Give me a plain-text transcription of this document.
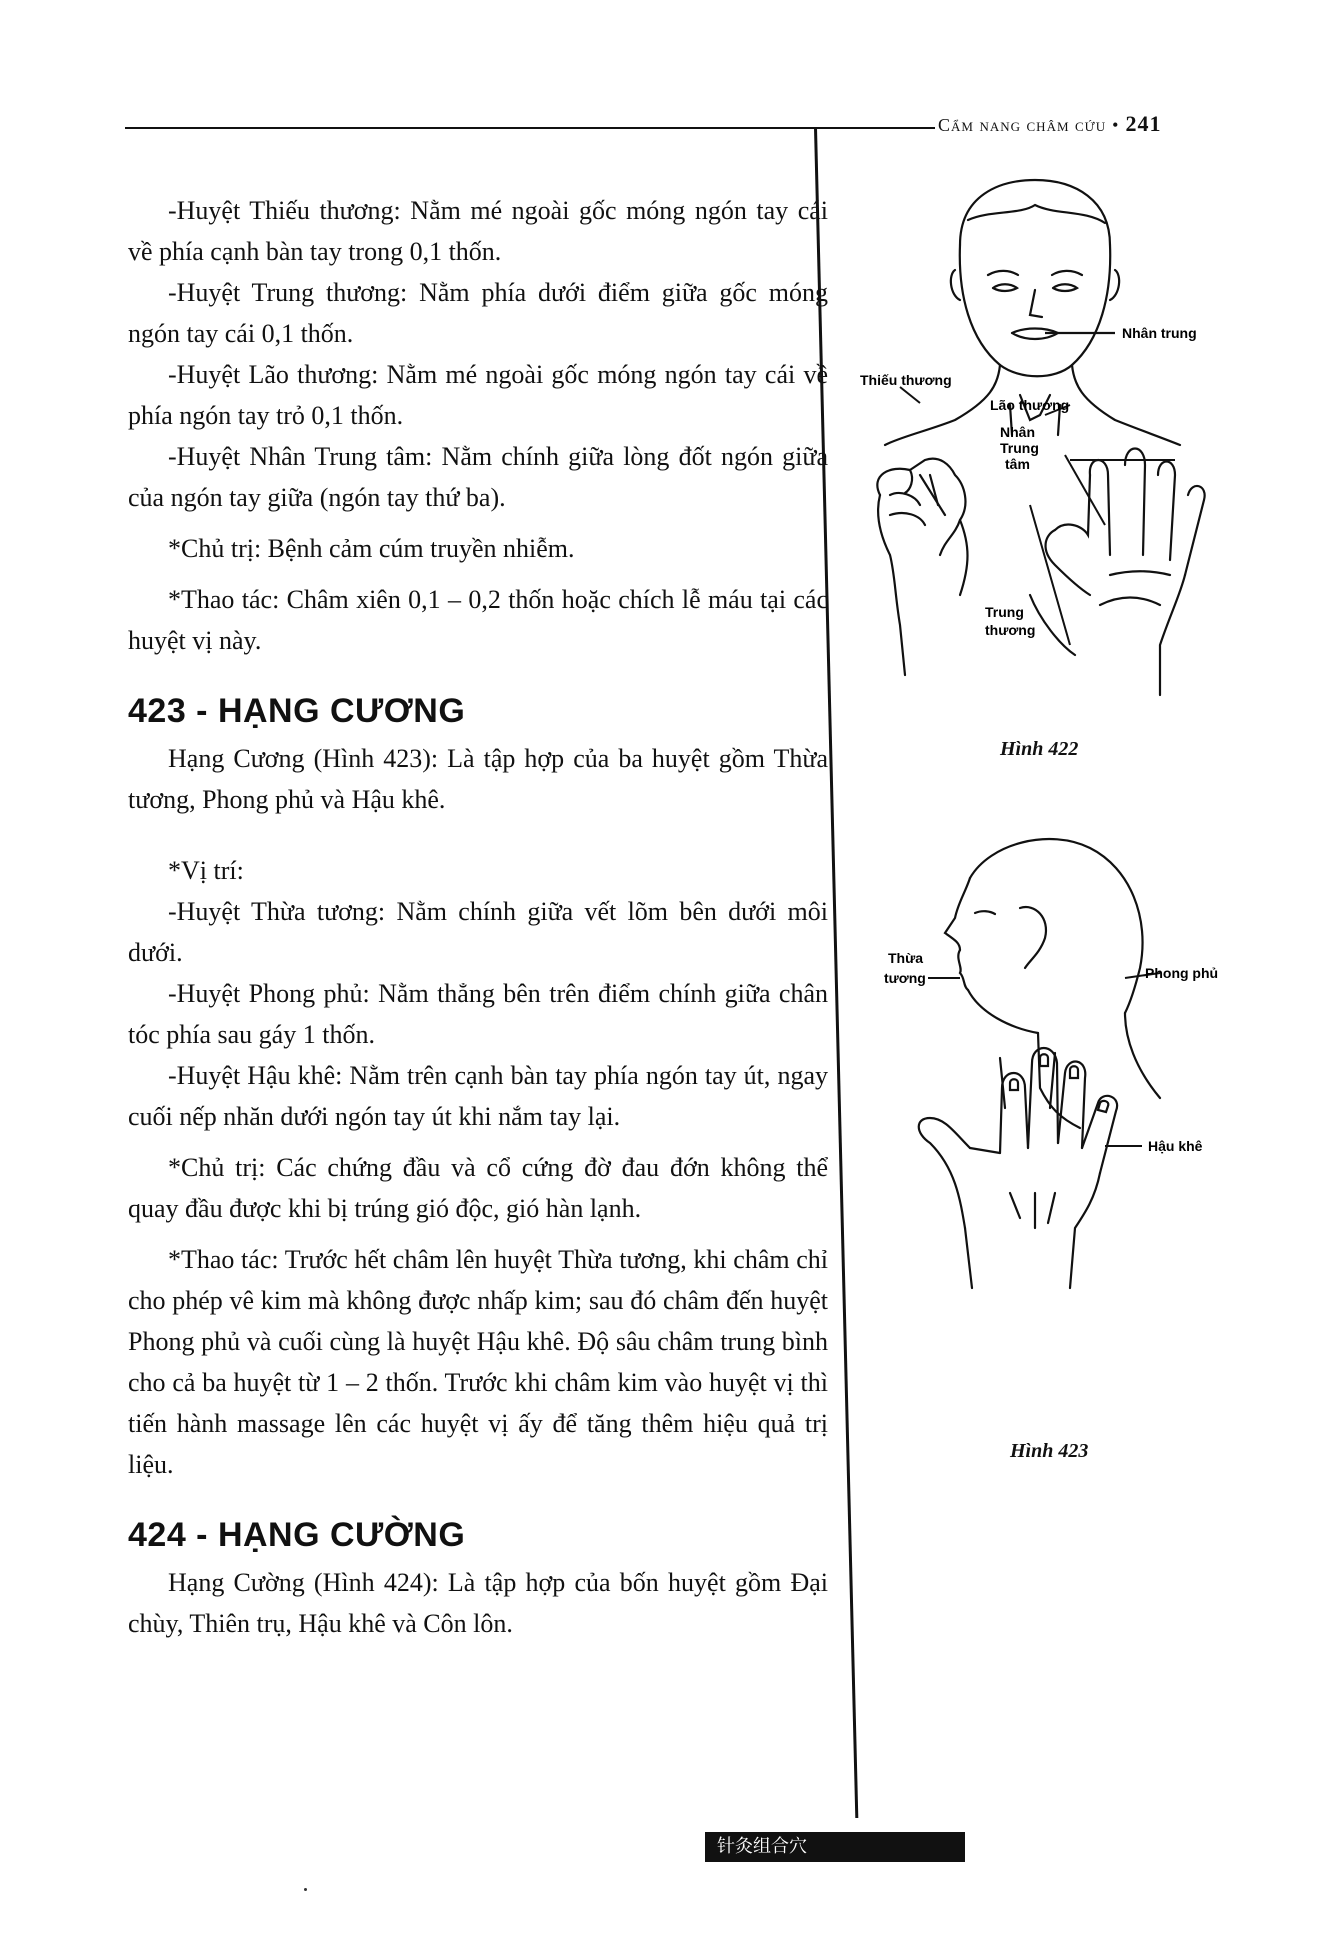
Cẩm nang châm cứu • 241

-Huyệt Thiếu thương: Nằm mé ngoài gốc móng ngón tay cái về phía cạnh bàn tay trong 0,1 thốn.

-Huyệt Trung thương: Nằm phía dưới điểm giữa gốc móng ngón tay cái 0,1 thốn.

-Huyệt Lão thương: Nằm mé ngoài gốc móng ngón tay cái về phía ngón tay trỏ 0,1 thốn.

-Huyệt Nhân Trung tâm: Nằm chính giữa lòng đốt ngón giữa của ngón tay giữa (ngón tay thứ ba).

*Chủ trị: Bệnh cảm cúm truyền nhiễm.

*Thao tác: Châm xiên 0,1 – 0,2 thốn hoặc chích lễ máu tại các huyệt vị này.

423 - HẠNG CƯƠNG

Hạng Cương (Hình 423): Là tập hợp của ba huyệt gồm Thừa tương, Phong phủ và Hậu khê.

*Vị trí:

-Huyệt Thừa tương: Nằm chính giữa vết lõm bên dưới môi dưới.

-Huyệt Phong phủ: Nằm thẳng bên trên điểm chính giữa chân tóc phía sau gáy 1 thốn.

-Huyệt Hậu khê: Nằm trên cạnh bàn tay phía ngón tay út, ngay cuối nếp nhăn dưới ngón tay út khi nắm tay lại.

*Chủ trị: Các chứng đầu và cổ cứng đờ đau đớn không thể quay đầu được khi bị trúng gió độc, gió hàn lạnh.

*Thao tác: Trước hết châm lên huyệt Thừa tương, khi châm chỉ cho phép vê kim mà không được nhấp kim; sau đó châm đến huyệt Phong phủ và cuối cùng là huyệt Hậu khê. Độ sâu châm trung bình cho cả ba huyệt từ 1 – 2 thốn. Trước khi châm kim vào huyệt vị thì tiến hành massage lên các huyệt vị ấy để tăng thêm hiệu quả trị liệu.

424 - HẠNG CƯỜNG

Hạng Cường (Hình 424): Là tập hợp của bốn huyệt gồm Đại chùy, Thiên trụ, Hậu khê và Côn lôn.

Nhân trung
Thiếu thương
Lão thương
Nhân
Trung
tâm
Trung
thương
Hình 422
Thừa
tương	Phong phủ
Hậu khê
Hình 423
针灸组合穴
